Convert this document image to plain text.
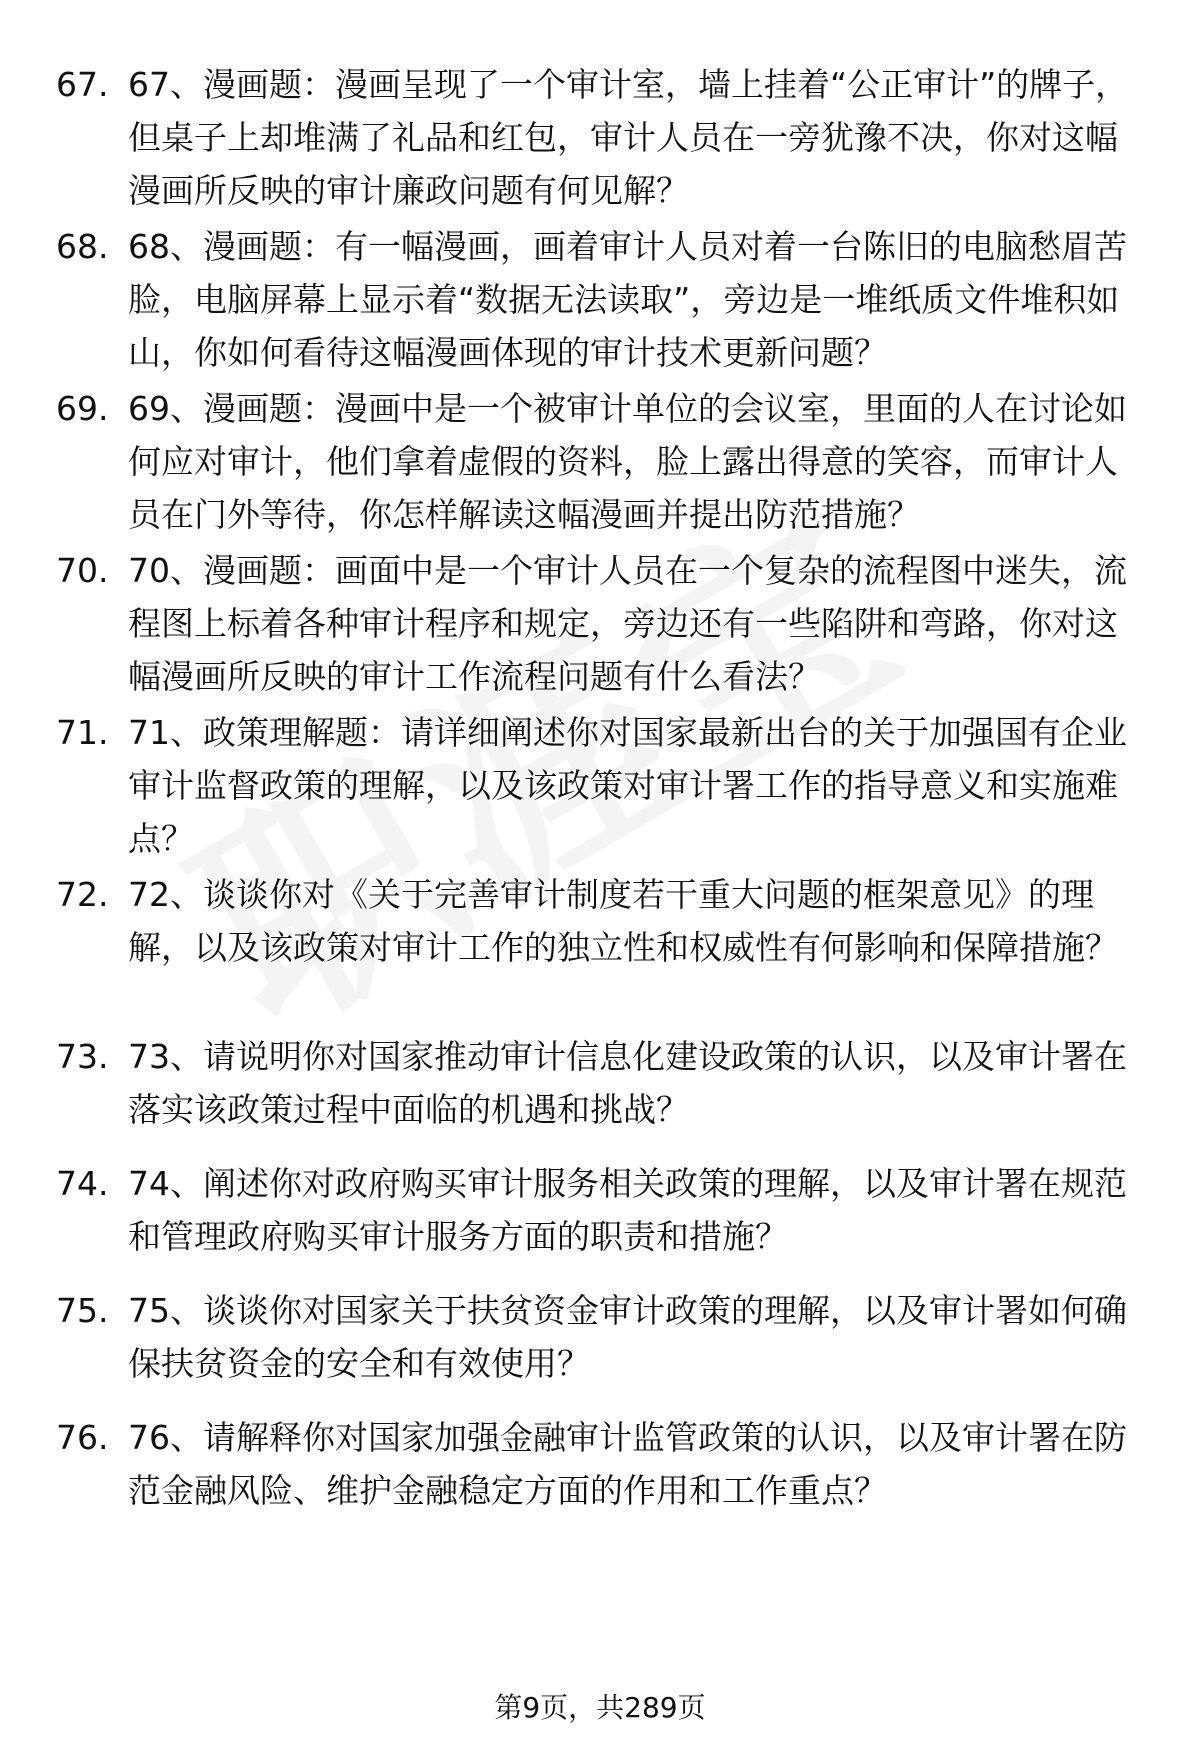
67. 67、漫画题：漫画呈现了一个审计室，墙上挂着“公正审计”的牌子，但桌子上却堆满了礼品和红包，审计人员在一旁犹豫不决，你对这幅漫画所反映的审计廉政问题有何见解？
68. 68、漫画题：有一幅漫画，画着审计人员对着一台陈旧的电脑愁眉苦脸，电脑屏幕上显示着“数据无法读取”，旁边是一堆纸质文件堆积如山，你如何看待这幅漫画体现的审计技术更新问题？
69. 69、漫画题：漫画中是一个被审计单位的会议室，里面的人在讨论如何应对审计，他们拿着虚假的资料，脸上露出得意的笑容，而审计人员在门外等待，你怎样解读这幅漫画并提出防范措施？
70. 70、漫画题：画面中是一个审计人员在一个复杂的流程图中迷失，流程图上标着各种审计程序和规定，旁边还有一些陷阱和弯路，你对这幅漫画所反映的审计工作流程问题有什么看法？
71. 71、政策理解题：请详细阐述你对国家最新出台的关于加强国有企业审计监督政策的理解，以及该政策对审计署工作的指导意义和实施难点？
72. 72、谈谈你对《关于完善审计制度若干重大问题的框架意见》的理解，以及该政策对审计工作的独立性和权威性有何影响和保障措施？
73. 73、请说明你对国家推动审计信息化建设政策的认识，以及审计署在落实该政策过程中面临的机遇和挑战？
74. 74、阐述你对政府购买审计服务相关政策的理解，以及审计署在规范和管理政府购买审计服务方面的职责和措施？
75. 75、谈谈你对国家关于扶贫资金审计政策的理解，以及审计署如何确保扶贫资金的安全和有效使用？
76. 76、请解释你对国家加强金融审计监管政策的认识，以及审计署在防范金融风险、维护金融稳定方面的作用和工作重点？
第9页，共289页
